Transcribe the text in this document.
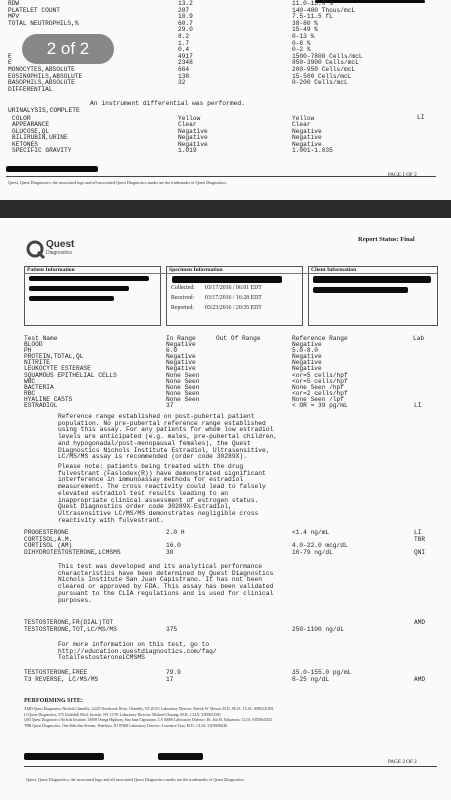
RDW	13.2	11.0-15.0 %
PLATELET COUNT	207	140-400 Thous/mcL
MPV	10.9	7.5-11.5 fL
TOTAL NEUTROPHILS,%	60.7	38-80 %
E	4917	1500-7800 Cells/mcL
E	2348	850-3900 Cells/mcL
MONOCYTES,ABSOLUTE	664	200-950 Cells/mcL
EOSINOPHILS,ABSOLUTE	138	15-500 Cells/mcL
BASOPHILS,ABSOLUTE	32	0-200 Cells/mcL
DIFFERENTIAL
29.0	15-49 %
8.2	0-13 %
1.7	0-8 %
0.4	0-2 %
2 of 2
An instrument differential was performed.
URINALYSIS,COMPLETE
LI
COLOR	Yellow	Yellow
APPEARANCE	Clear	Clear
GLUCOSE,QL	Negative	Negative
BILIRUBIN,URINE	Negative	Negative
KETONES	Negative	Negative
SPECIFIC GRAVITY	1.019	1.001-1.035
Quest, Quest Diagnostics, the associated logo and all associated Quest Diagnostics marks are the trademarks of Quest Diagnostics.
PAGE 1 OF 2
Quest
Diagnostics
Report Status: Final
Patient Information	Specimen Information	Client Information
Collected: 03/17/2016 / 06:01 EDT
Received: 03/17/2016 / 16:28 EDT
Reported: 03/23/2016 / 20:35 EDT
Test Name	In Range	Out Of Range	Reference Range	Lab
BLOOD	Negative	Negative
PH	6.0	5.0-8.0
PROTEIN,TOTAL,QL	Negative	Negative
NITRITE	Negative	Negative
LEUKOCYTE ESTERASE	Negative	Negative
SQUAMOUS EPITHELIAL CELLS	None Seen	<or=5 cells/hpf
WBC	None Seen	<or=5 cells/hpf
BACTERIA	None Seen	None Seen /hpf
RBC	None Seen	<or=2 cells/hpf
HYALINE CASTS	None Seen	None Seen /lpf
ESTRADIOL	37	< OR = 39 pg/mL	LI
Reference range established on post-pubertal patient
population. No pre-pubertal reference range established
using this assay. For any patients for whom low estradiol
levels are anticipated (e.g. males, pre-pubertal children,
and hypogonadal/post-menopausal females), the Quest
Diagnostics Nichols Institute Estradiol, Ultrasensitive,
LC/MS/MS assay is recommended (order code 30289X).
Please note: patients being treated with the drug
fulvestrant (Faslodex(R)) have demonstrated significant
interference in immunoassay methods for estradiol
measurement. The cross reactivity could lead to falsely
elevated estradiol test results leading to an
inappropriate clinical assessment of estrogen status.
Quest Diagnostics order code 30289X-Estradiol,
Ultrasensitive LC/MS/MS demonstrates negligible cross
reactivity with fulvestrant.
PROGESTERONE	2.0 H	<1.4 ng/mL	LI
CORTISOL,A.M.	TBR
CORTISOL (AM)	16.0	4.0-22.0 mcg/dL
DIHYDROTESTOSTERONE,LCMSMS	30	16-79 ng/dL	QNI
This test was developed and its analytical performance
characteristics have been determined by Quest Diagnostics
Nichols Institute San Juan Capistrano. It has not been
cleared or approved by FDA. This assay has been validated
pursuant to the CLIA regulations and is used for clinical
purposes.
TESTOSTERONE,FR(DIAL)TOT	AMD
TESTOSTERONE,TOT,LC/MS/MS	375	250-1100 ng/dL
For more information on this test, go to
http://education.questdiagnostics.com/faq/
TotalTestosteroneLCMSMS
TESTOSTERONE,FREE	79.9	35.0-155.0 pg/mL
T3 REVERSE, LC/MS/MS	17	8-25 ng/dL	AMD
PERFORMING SITE:
AMD Quest Diagnostics Nichols Chantilly, 14225 Newbrook Drive, Chantilly, VA 20151 Laboratory Director: Patrick W. Mason, M.D., Ph.D., CLIA: 49D0221801
LI Quest Diagnostics, 575 Underhill Blvd, Syosset, NY 11791 Laboratory Director: Michael Chaump, M.D., CLIA: 33D0652581
QNI Quest Diagnostics Nichols Institute, 33608 Ortega Highway, San Juan Capistrano, CA 92690 Laboratory Director: Dr. Jon M. Nakamoto, CLIA: 05D0643352
TBR Quest Diagnostics, One Malcolm Avenue, Teterboro, NJ 07608 Laboratory Director: Lawrence Tsao, M.D., CLIA: 31D0696246
PAGE 2 OF 2
Quest, Quest Diagnostics, the associated logo and all associated Quest Diagnostics marks are the trademarks of Quest Diagnostics.
